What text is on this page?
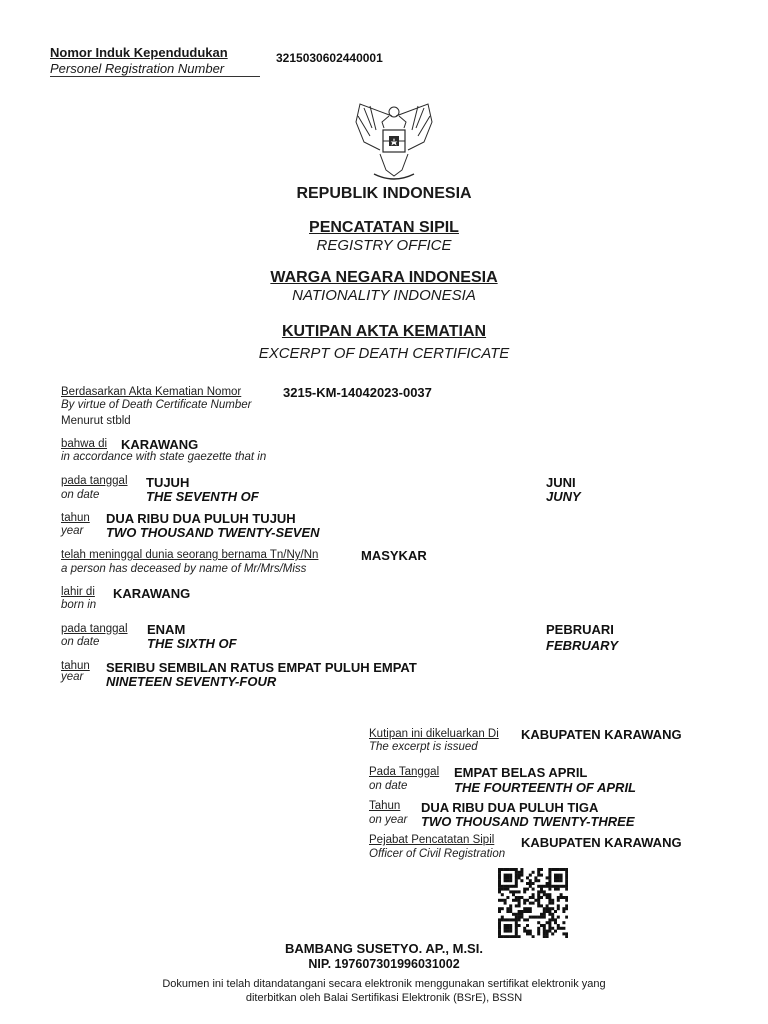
Nomor Induk Kependudukan
Personel Registration Number
3215030602440001
REPUBLIK INDONESIA
PENCATATAN SIPIL
REGISTRY OFFICE
WARGA NEGARA INDONESIA
NATIONALITY INDONESIA
KUTIPAN AKTA KEMATIAN
EXCERPT OF DEATH CERTIFICATE
Berdasarkan Akta Kematian Nomor
By virtue of Death Certificate Number
3215-KM-14042023-0037
Menurut stbld
bahwa di KARAWANG
in accordance with state gaezette that in
pada tanggal
on date
TUJUH
THE SEVENTH OF
JUNI
JUNY
tahun
year
DUA RIBU DUA PULUH TUJUH
TWO THOUSAND TWENTY-SEVEN
telah meninggal dunia seorang bernama Tn/Ny/Nn
a person has deceased by name of Mr/Mrs/Miss
MASYKAR
lahir di
born in
KARAWANG
pada tanggal
on date
ENAM
THE SIXTH OF
PEBRUARI
FEBRUARY
tahun
year
SERIBU SEMBILAN RATUS EMPAT PULUH EMPAT
NINETEEN SEVENTY-FOUR
Kutipan ini dikeluarkan Di
The excerpt is issued
KABUPATEN KARAWANG
Pada Tanggal
on date
EMPAT BELAS APRIL
THE FOURTEENTH OF APRIL
Tahun
on year
DUA RIBU DUA PULUH TIGA
TWO THOUSAND TWENTY-THREE
Pejabat Pencatatan Sipil
Officer of Civil Registration
KABUPATEN KARAWANG
BAMBANG SUSETYO. AP., M.SI.
NIP. 197607301996031002
Dokumen ini telah ditandatangani secara elektronik menggunakan sertifikat elektronik yang
diterbitkan oleh Balai Sertifikasi Elektronik (BSrE), BSSN
